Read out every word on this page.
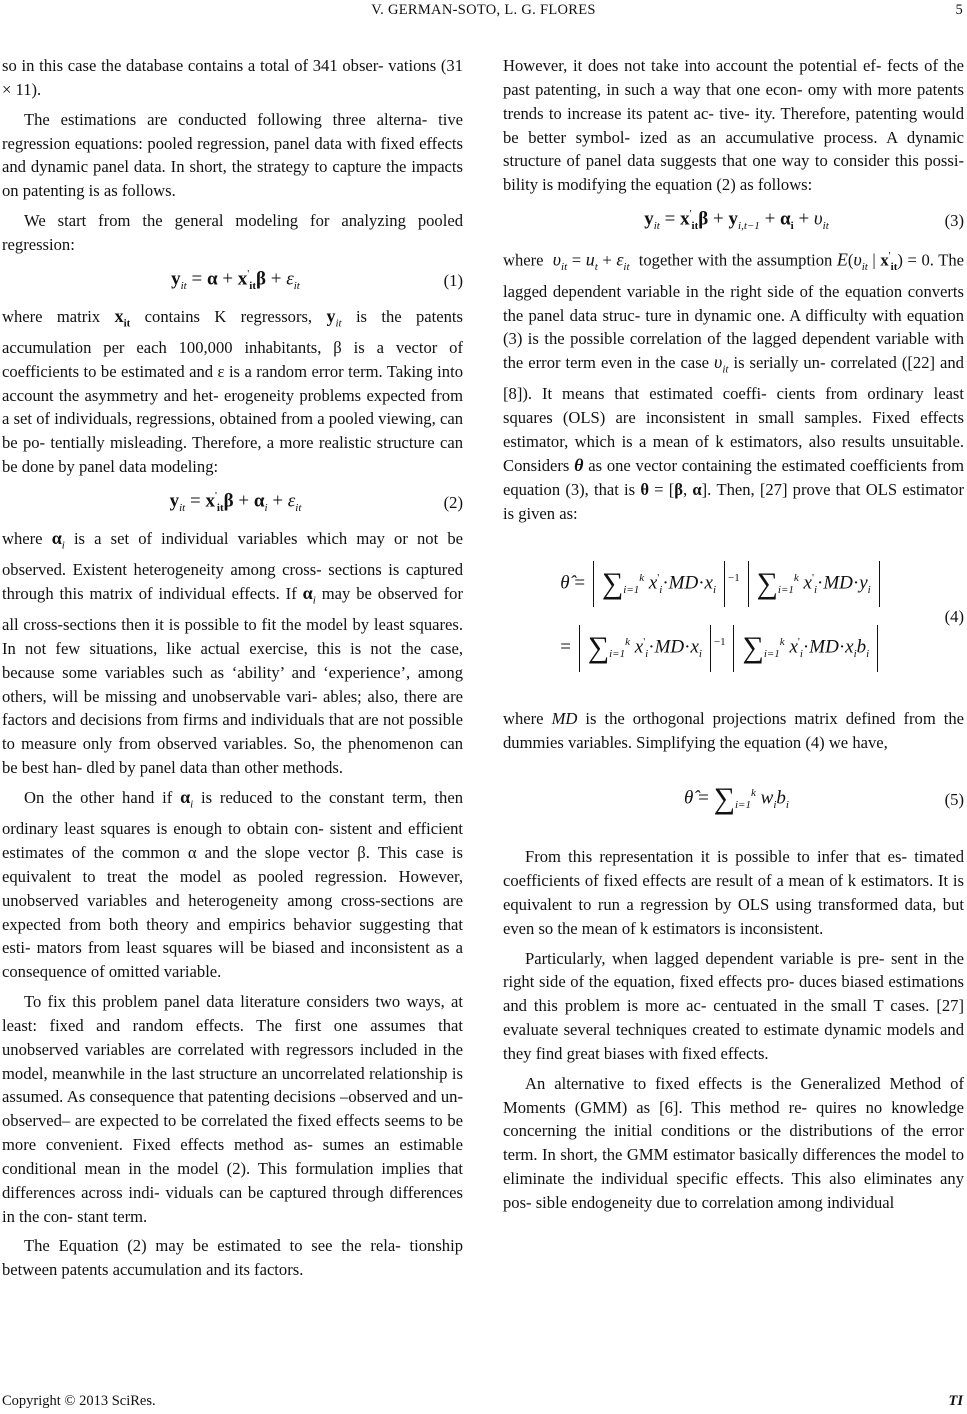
V. GERMAN-SOTO, L. G. FLORES	5

so in this case the database contains a total of 341 obser- vations (31 × 11).

The estimations are conducted following three alterna- tive regression equations: pooled regression, panel data with fixed effects and dynamic panel data. In short, the strategy to capture the impacts on patenting is as follows.

We start from the general modeling for analyzing pooled regression:

$y_{it} = \alpha + x'_{it}\beta + \varepsilon_{it}$	(1)

where matrix $x_{it}$ contains K regressors, $y_{it}$ is the patents accumulation per each 100,000 inhabitants, β is a vector of coefficients to be estimated and ε is a random error term. Taking into account the asymmetry and het- erogeneity problems expected from a set of individuals, regressions, obtained from a pooled viewing, can be po- tentially misleading. Therefore, a more realistic structure can be done by panel data modeling:

$y_{it} = x'_{it}\beta + \alpha_i + \varepsilon_{it}$	(2)

where $\alpha_i$ is a set of individual variables which may or not be observed. Existent heterogeneity among cross- sections is captured through this matrix of individual effects. If $\alpha_i$ may be observed for all cross-sections then it is possible to fit the model by least squares. In not few situations, like actual exercise, this is not the case, because some variables such as ‘ability’ and ‘experience’, among others, will be missing and unobservable vari- ables; also, there are factors and decisions from firms and individuals that are not possible to measure only from observed variables. So, the phenomenon can be best han- dled by panel data than other methods.

On the other hand if $\alpha_i$ is reduced to the constant term, then ordinary least squares is enough to obtain con- sistent and efficient estimates of the common α and the slope vector β. This case is equivalent to treat the model as pooled regression. However, unobserved variables and heterogeneity among cross-sections are expected from both theory and empirics behavior suggesting that esti- mators from least squares will be biased and inconsistent as a consequence of omitted variable.

To fix this problem panel data literature considers two ways, at least: fixed and random effects. The first one assumes that unobserved variables are correlated with regressors included in the model, meanwhile in the last structure an uncorrelated relationship is assumed. As consequence that patenting decisions –observed and un- observed– are expected to be correlated the fixed effects seems to be more convenient. Fixed effects method as- sumes an estimable conditional mean in the model (2). This formulation implies that differences across indi- viduals can be captured through differences in the con- stant term.

The Equation (2) may be estimated to see the rela- tionship between patents accumulation and its factors.

However, it does not take into account the potential ef- fects of the past patenting, in such a way that one econ- omy with more patents trends to increase its patent ac- tive- ity. Therefore, patenting would be better symbol- ized as an accumulative process. A dynamic structure of panel data suggests that one way to consider this possi- bility is modifying the equation (2) as follows:

$y_{it} = x'_{it}\beta + y_{i,t-1} + \alpha_i + \upsilon_{it}$	(3)

where $\upsilon_{it} = u_t + \varepsilon_{it}$ together with the assumption $E(\upsilon_{it}$ | $x'_{it}) = 0$. The lagged dependent variable in the right side of the equation converts the panel data struc- ture in dynamic one. A difficulty with equation (3) is the possible correlation of the lagged dependent variable with the error term even in the case $\upsilon_{it}$ is serially un- correlated ([22] and [8]). It means that estimated coeffi- cients from ordinary least squares (OLS) are inconsistent in small samples. Fixed effects estimator, which is a mean of k estimators, also results unsuitable. Considers θ as one vector containing the estimated coefficients from equation (3), that is θ = [β, α]. Then, [27] prove that OLS estimator is given as:

θ̂ = $\sum_{i=1}^k$ $x'_i\cdot MD\cdot x_i^{-1}$ $\sum_{i=1}^k$ $x'_i\cdot MD\cdot y_i$
= $\sum_{i=1}^k$ $x'_i\cdot MD\cdot x_i^{-1}$ $\sum_{i=1}^k$ $x'_i\cdot MD\cdot x_ib_i$
(4)

where MD is the orthogonal projections matrix defined from the dummies variables. Simplifying the equation (4) we have,

θ̂ = $\sum_{i=1}^k$ $w_ib_i$	(5)

From this representation it is possible to infer that es- timated coefficients of fixed effects are result of a mean of k estimators. It is equivalent to run a regression by OLS using transformed data, but even so the mean of k estimators is inconsistent.

Particularly, when lagged dependent variable is pre- sent in the right side of the equation, fixed effects pro- duces biased estimations and this problem is more ac- centuated in the small T cases. [27] evaluate several techniques created to estimate dynamic models and they find great biases with fixed effects.

An alternative to fixed effects is the Generalized Method of Moments (GMM) as [6]. This method re- quires no knowledge concerning the initial conditions or the distributions of the error term. In short, the GMM estimator basically differences the model to eliminate the individual specific effects. This also eliminates any pos- sible endogeneity due to correlation among individual

Copyright © 2013 SciRes.	TI
